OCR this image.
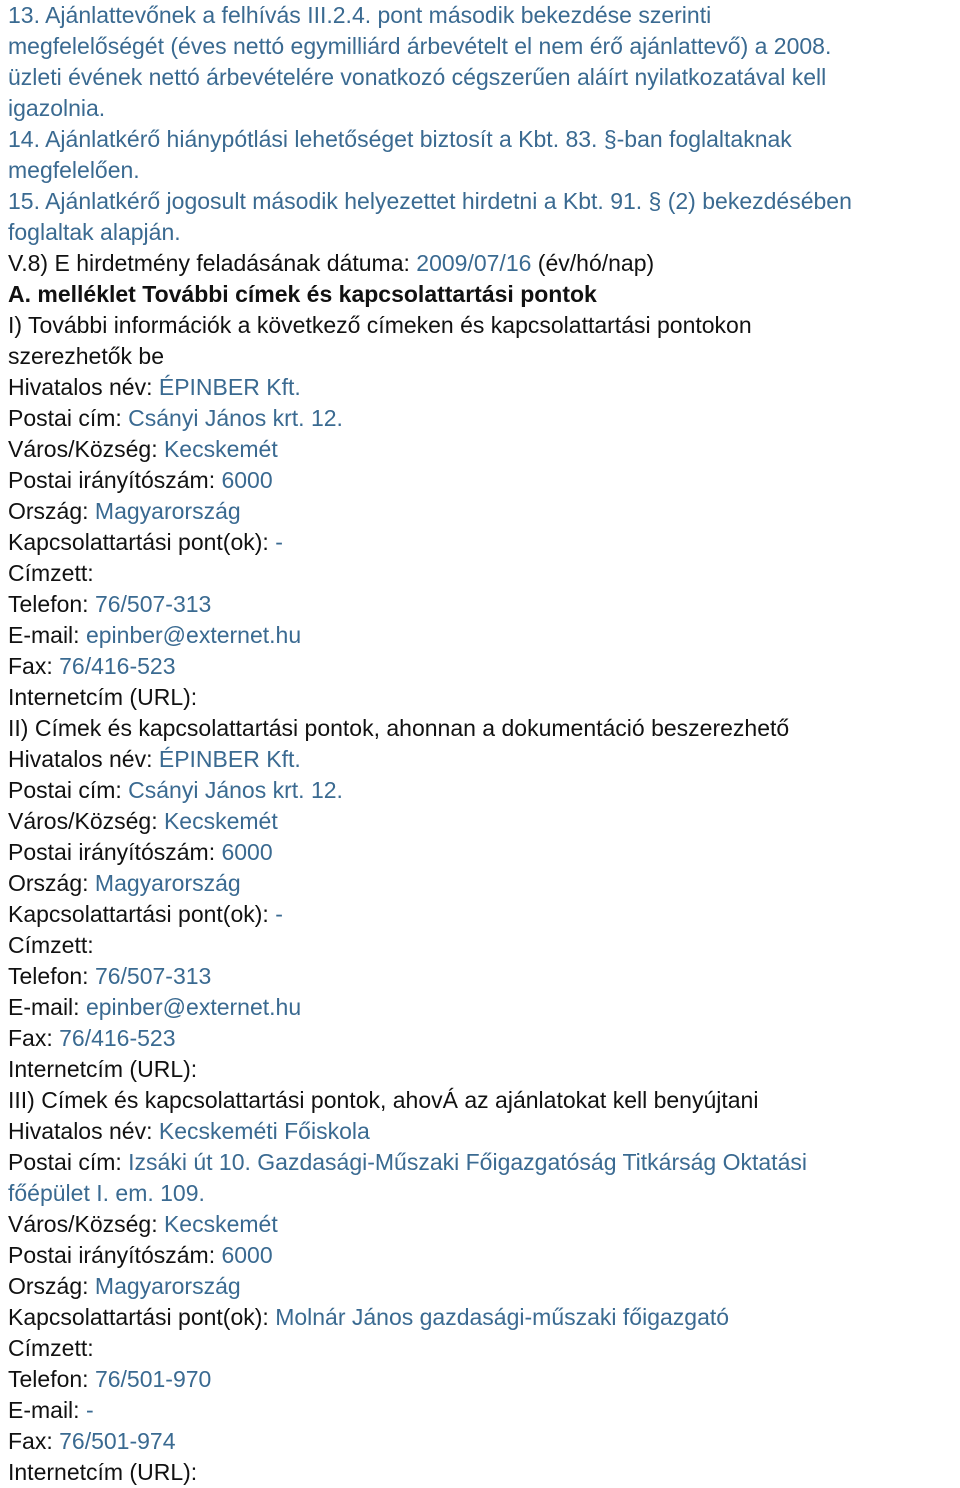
13. Ajánlattevőnek a felhívás III.2.4. pont második bekezdése szerinti
megfelelőségét (éves nettó egymilliárd árbevételt el nem érő ajánlattevő) a 2008.
üzleti évének nettó árbevételére vonatkozó cégszerűen aláírt nyilatkozatával kell
igazolnia.
14. Ajánlatkérő hiánypótlási lehetőséget biztosít a Kbt. 83. §-ban foglaltaknak
megfelelően.
15. Ajánlatkérő jogosult második helyezettet hirdetni a Kbt. 91. § (2) bekezdésében
foglaltak alapján.
V.8) E hirdetmény feladásának dátuma: 2009/07/16 (év/hó/nap)
A. melléklet További címek és kapcsolattartási pontok
I) További információk a következő címeken és kapcsolattartási pontokon
szerezhetők be
Hivatalos név: ÉPINBER Kft.
Postai cím: Csányi János krt. 12.
Város/Község: Kecskemét
Postai irányítószám: 6000
Ország: Magyarország
Kapcsolattartási pont(ok): -
Címzett:
Telefon: 76/507-313
E-mail: epinber@externet.hu
Fax: 76/416-523
Internetcím (URL):
II) Címek és kapcsolattartási pontok, ahonnan a dokumentáció beszerezhető
Hivatalos név: ÉPINBER Kft.
Postai cím: Csányi János krt. 12.
Város/Község: Kecskemét
Postai irányítószám: 6000
Ország: Magyarország
Kapcsolattartási pont(ok): -
Címzett:
Telefon: 76/507-313
E-mail: epinber@externet.hu
Fax: 76/416-523
Internetcím (URL):
III) Címek és kapcsolattartási pontok, ahovÁ az ajánlatokat kell benyújtani
Hivatalos név: Kecskeméti Főiskola
Postai cím: Izsáki út 10. Gazdasági-Műszaki Főigazgatóság Titkárság Oktatási
főépület I. em. 109.
Város/Község: Kecskemét
Postai irányítószám: 6000
Ország: Magyarország
Kapcsolattartási pont(ok): Molnár János gazdasági-műszaki főigazgató
Címzett:
Telefon: 76/501-970
E-mail: -
Fax: 76/501-974
Internetcím (URL):
